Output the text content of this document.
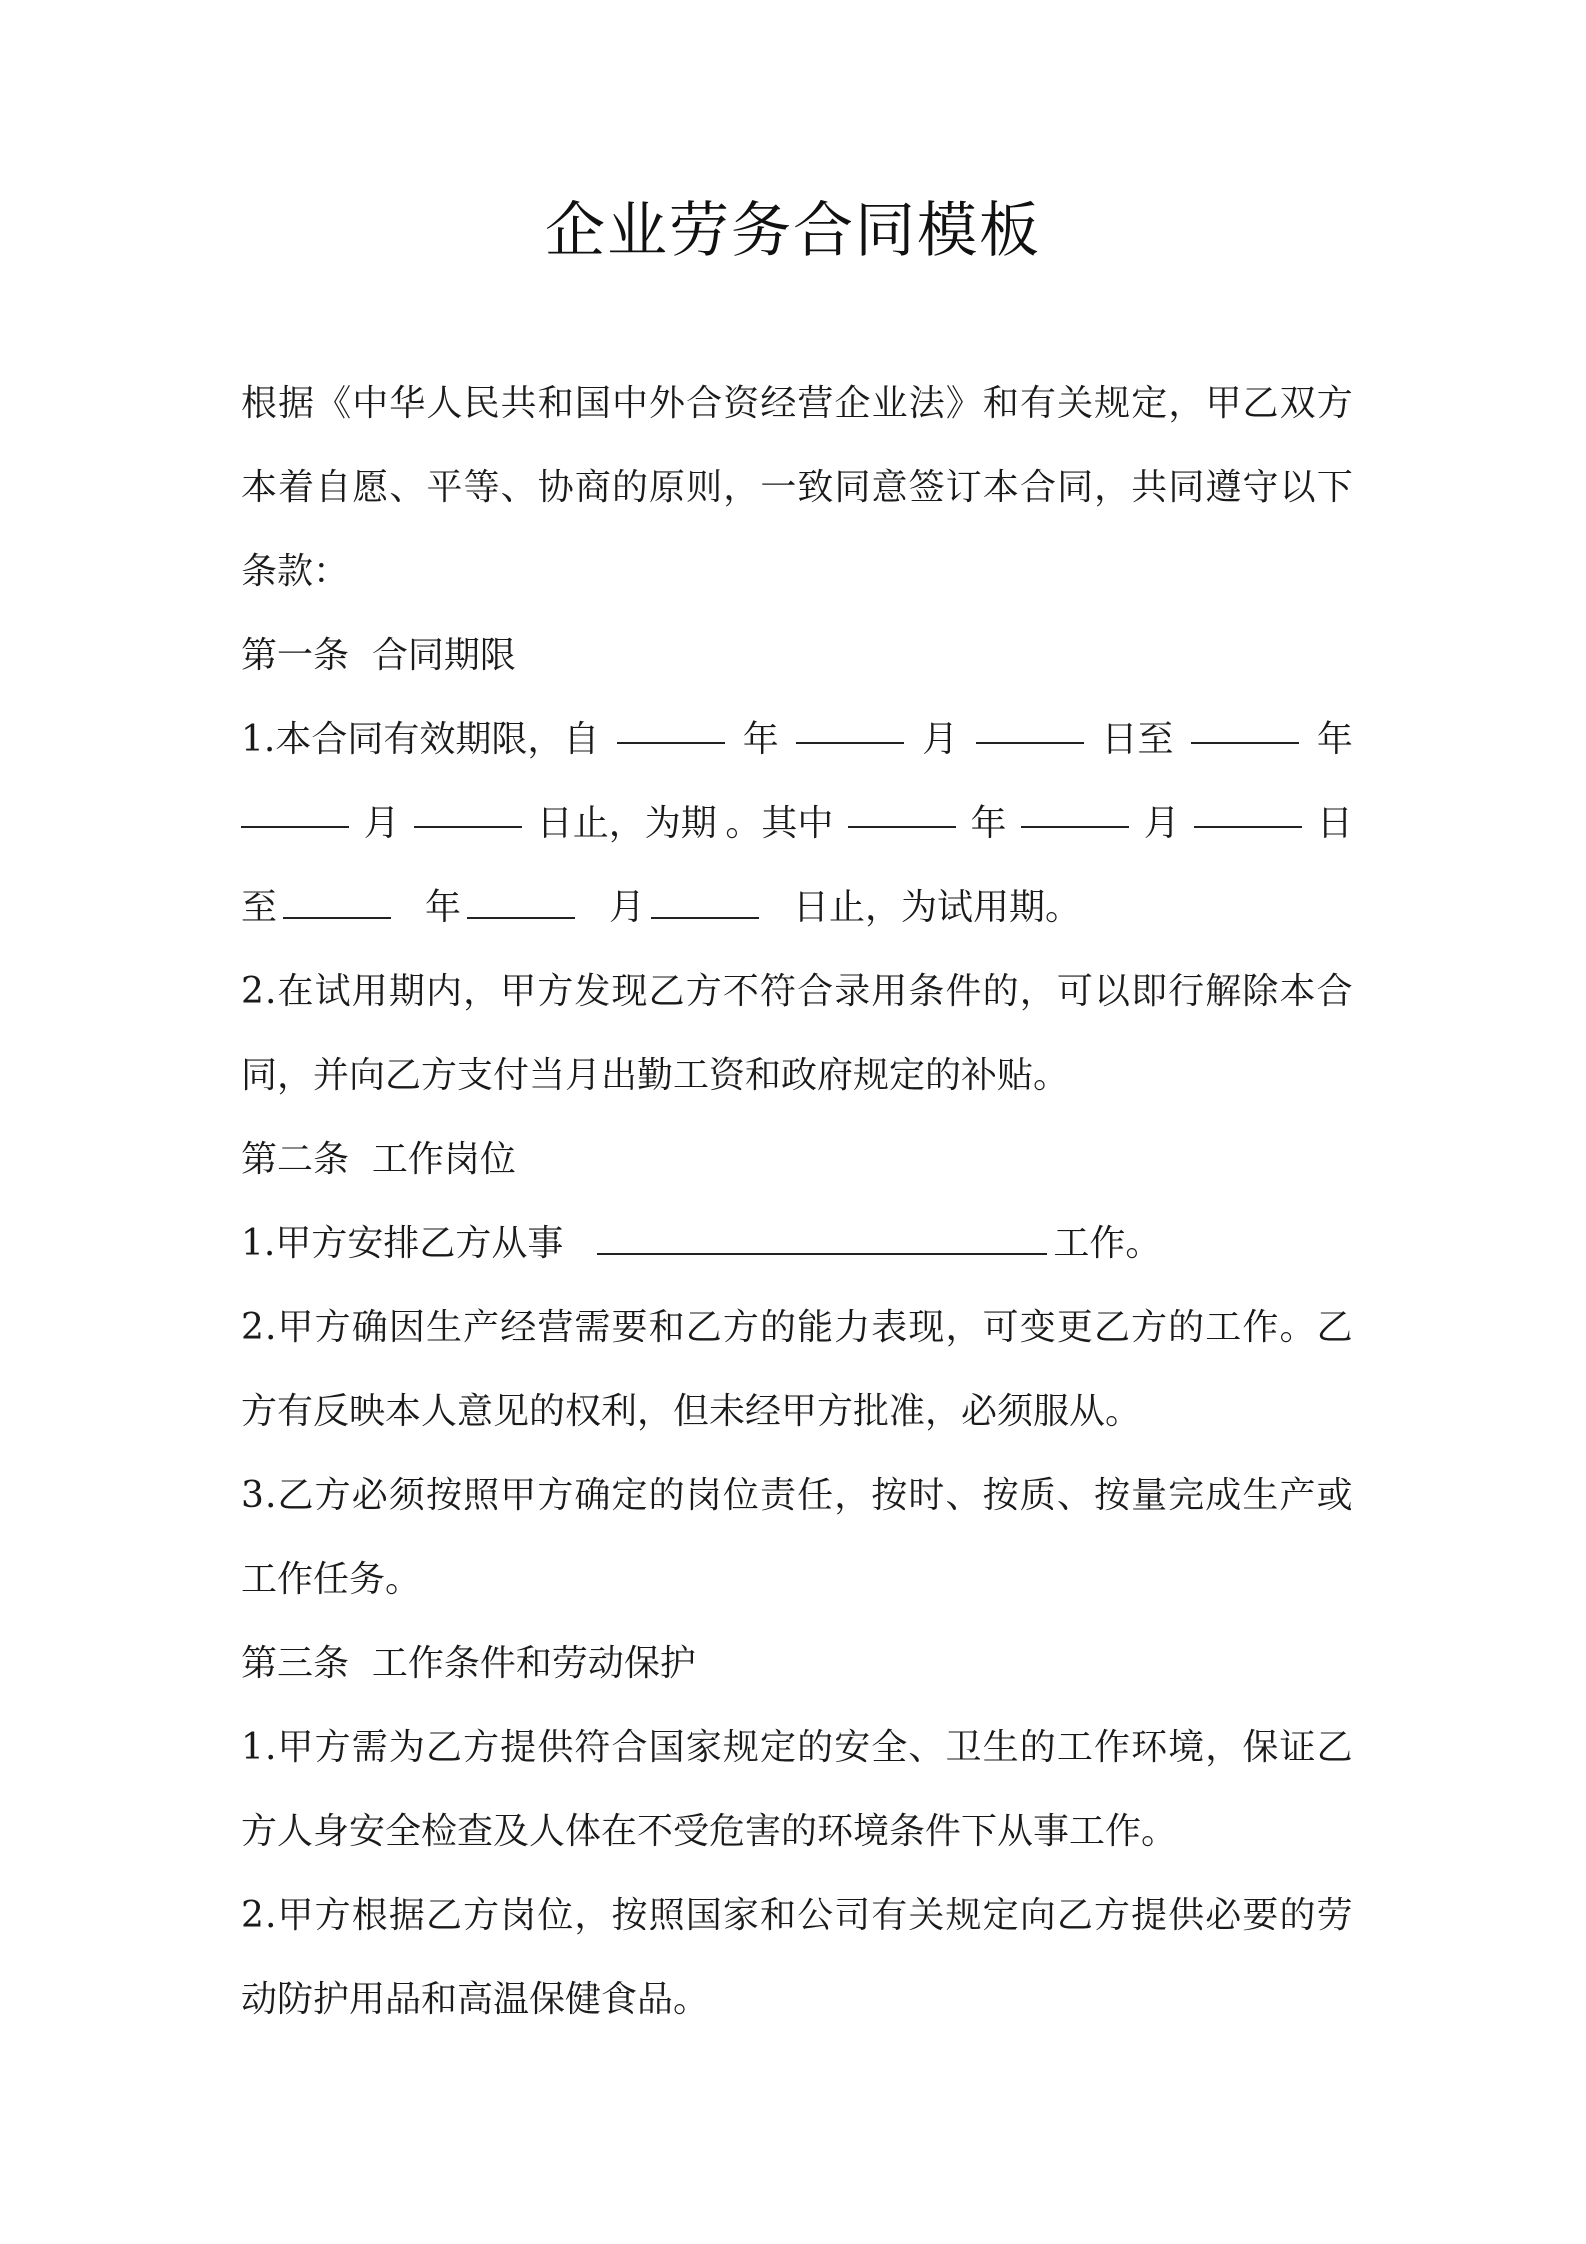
企业劳务合同模板
根 据 《 中 华 人 民 共 和 国 中 外 合 资 经 营 企 业 法 》 和 有 关 规 定 ， 甲 乙 双 方
本 着 自 愿 、 平 等 、 协 商 的 原 则 ， 一 致 同 意 签 订 本 合 同 ， 共 同 遵 守 以 下
条款：
第一条  合同期限
1.本合同有效期限，自	年	月	日至	年
月	日止，为期 。其中	年	月	日
至	年	月	日止，为试用期。
2 . 在 试 用 期 内 ， 甲 方 发 现 乙 方 不 符 合 录 用 条 件 的 ， 可 以 即 行 解 除 本 合
同，并向乙方支付当月出勤工资和政府规定的补贴。
第二条  工作岗位
1.甲方安排乙方从事	工作。
2 . 甲 方 确 因 生 产 经 营 需 要 和 乙 方 的 能 力 表 现 ， 可 变 更 乙 方 的 工 作 。 乙
方有反映本人意见的权利，但未经甲方批准，必须服从。
3 . 乙 方 必 须 按 照 甲 方 确 定 的 岗 位 责 任 ， 按 时 、 按 质 、 按 量 完 成 生 产 或
工作任务。
第三条  工作条件和劳动保护
1 . 甲 方 需 为 乙 方 提 供 符 合 国 家 规 定 的 安 全 、 卫 生 的 工 作 环 境 ， 保 证 乙
方人身安全检查及人体在不受危害的环境条件下从事工作。
2 . 甲 方 根 据 乙 方 岗 位 ， 按 照 国 家 和 公 司 有 关 规 定 向 乙 方 提 供 必 要 的 劳
动防护用品和高温保健食品。
